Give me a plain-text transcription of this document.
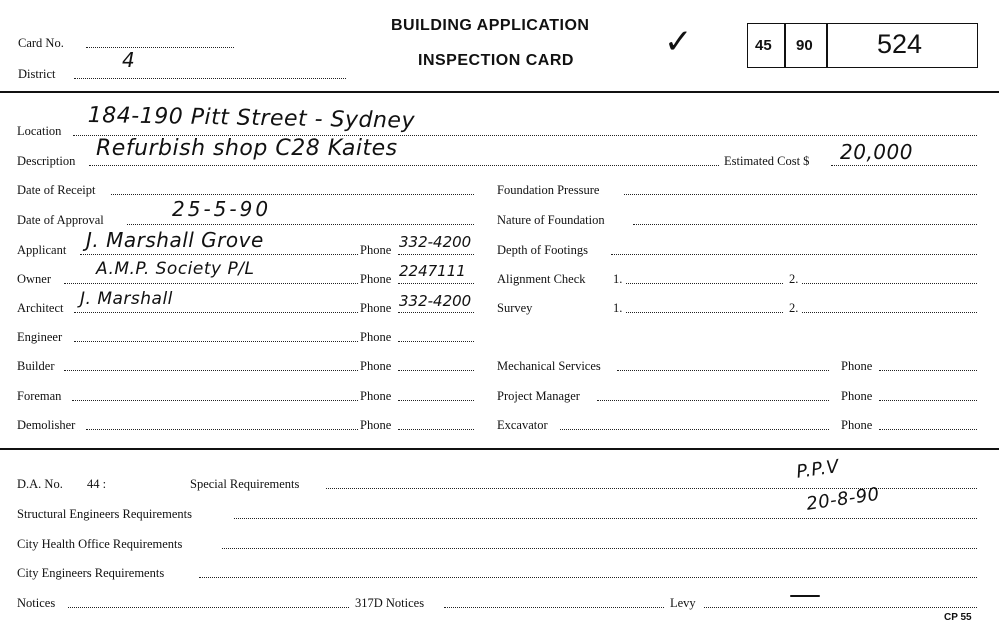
Card No.
District
4
BUILDING APPLICATION
INSPECTION CARD	✓	45 90 524
Location 184-190 Pitt Street - Sydney
Description Refurbish shop C28 Kaites	Estimated Cost $ 20,000
Date of Receipt
Date of Approval	25-5-90
Applicant J. Marshall Grove	Phone 332-4200
Owner	A.M.P. Society P/L	Phone 2247111
Architect J. Marshall	Phone 332-4200
Engineer	Phone
Builder	Phone
Foreman	Phone
Demolisher	Phone
Foundation Pressure
Nature of Foundation
Depth of Footings
Alignment Check 1.	2.
Survey	1.	2.
Mechanical Services	Phone
Project Manager	Phone
Excavator	Phone
D.A. No. 44 :	Special Requirements
P.P.V
20-8-90
Structural Engineers Requirements
City Health Office Requirements
City Engineers Requirements
Notices	317D Notices	Levy
CP 55
